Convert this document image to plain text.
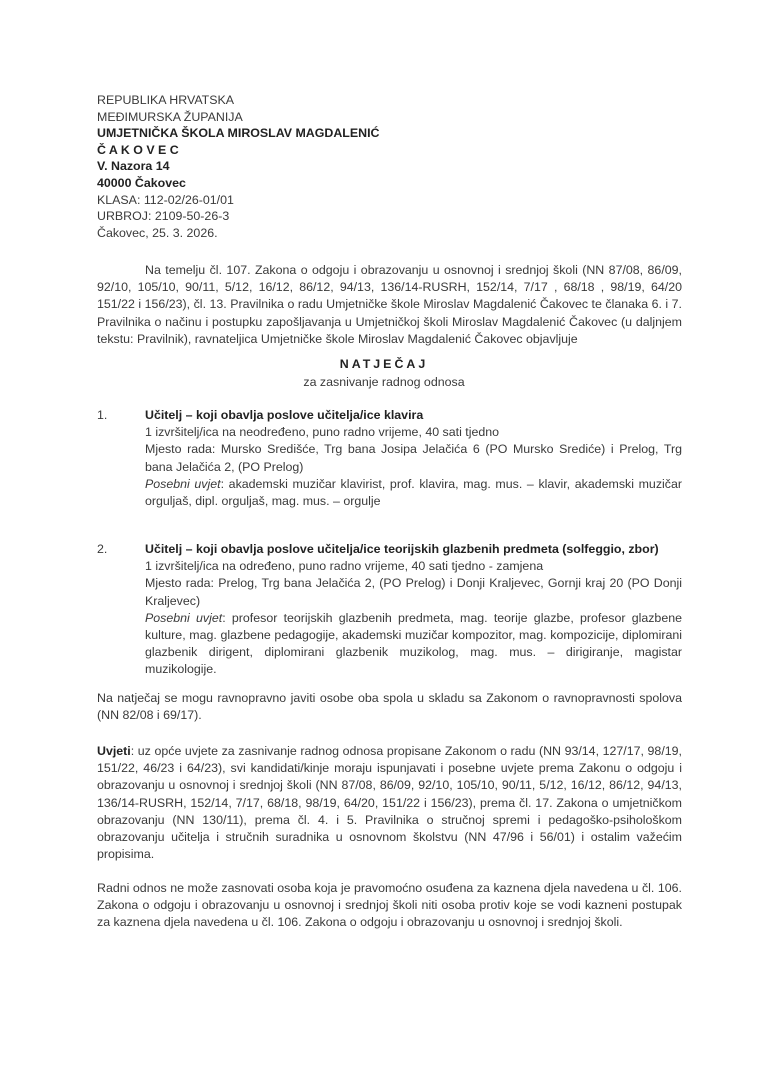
REPUBLIKA HRVATSKA
MEĐIMURSKA ŽUPANIJA
UMJETNIČKA ŠKOLA MIROSLAV MAGDALENIĆ
Č A K O V E C
V. Nazora 14
40000 Čakovec
KLASA: 112-02/26-01/01
URBROJ: 2109-50-26-3
Čakovec, 25. 3. 2026.
Na temelju čl. 107. Zakona o odgoju i obrazovanju u osnovnoj i srednjoj školi (NN 87/08, 86/09, 92/10, 105/10, 90/11, 5/12, 16/12, 86/12, 94/13, 136/14-RUSRH, 152/14, 7/17 , 68/18 , 98/19, 64/20 151/22 i 156/23), čl. 13. Pravilnika o radu Umjetničke škole Miroslav Magdalenić Čakovec te članaka 6. i 7. Pravilnika o načinu i postupku zapošljavanja u Umjetničkoj školi Miroslav Magdalenić Čakovec (u daljnjem tekstu: Pravilnik), ravnateljica Umjetničke škole Miroslav Magdalenić Čakovec objavljuje
NATJEČAJ
za zasnivanje radnog odnosa
1.	Učitelj – koji obavlja poslove učitelja/ice klavira
1 izvršitelj/ica na neodređeno, puno radno vrijeme, 40 sati tjedno
Mjesto rada: Mursko Središće, Trg bana Josipa Jelačića 6 (PO Mursko Srediće) i Prelog, Trg bana Jelačića 2, (PO Prelog)
Posebni uvjet: akademski muzičar klavirist, prof. klavira, mag. mus. – klavir, akademski muzičar orguljaš, dipl. orguljaš, mag. mus. – orgulje
2.	Učitelj – koji obavlja poslove učitelja/ice teorijskih glazbenih predmeta (solfeggio, zbor)
1 izvršitelj/ica na određeno, puno radno vrijeme, 40 sati tjedno - zamjena
Mjesto rada: Prelog, Trg bana Jelačića 2, (PO Prelog) i Donji Kraljevec, Gornji kraj 20 (PO Donji Kraljevec)
Posebni uvjet: profesor teorijskih glazbenih predmeta, mag. teorije glazbe, profesor glazbene kulture, mag. glazbene pedagogije, akademski muzičar kompozitor, mag. kompozicije, diplomirani glazbenik dirigent, diplomirani glazbenik muzikolog, mag. mus. – dirigiranje, magistar muzikologije.
Na natječaj se mogu ravnopravno javiti osobe oba spola u skladu sa Zakonom o ravnopravnosti spolova (NN 82/08 i 69/17).
Uvjeti: uz opće uvjete za zasnivanje radnog odnosa propisane Zakonom o radu (NN 93/14, 127/17, 98/19, 151/22, 46/23 i 64/23), svi kandidati/kinje moraju ispunjavati i posebne uvjete prema Zakonu o odgoju i obrazovanju u osnovnoj i srednjoj školi (NN 87/08, 86/09, 92/10, 105/10, 90/11, 5/12, 16/12, 86/12, 94/13, 136/14-RUSRH, 152/14, 7/17, 68/18, 98/19, 64/20, 151/22 i 156/23), prema čl. 17. Zakona o umjetničkom obrazovanju (NN 130/11), prema čl. 4. i 5. Pravilnika o stručnoj spremi i pedagoško-psihološkom obrazovanju učitelja i stručnih suradnika u osnovnom školstvu (NN 47/96 i 56/01) i ostalim važećim propisima.
Radni odnos ne može zasnovati osoba koja je pravomoćno osuđena za kaznena djela navedena u čl. 106. Zakona o odgoju i obrazovanju u osnovnoj i srednjoj školi niti osoba protiv koje se vodi kazneni postupak za kaznena djela navedena u čl. 106. Zakona o odgoju i obrazovanju u osnovnoj i srednjoj školi.
